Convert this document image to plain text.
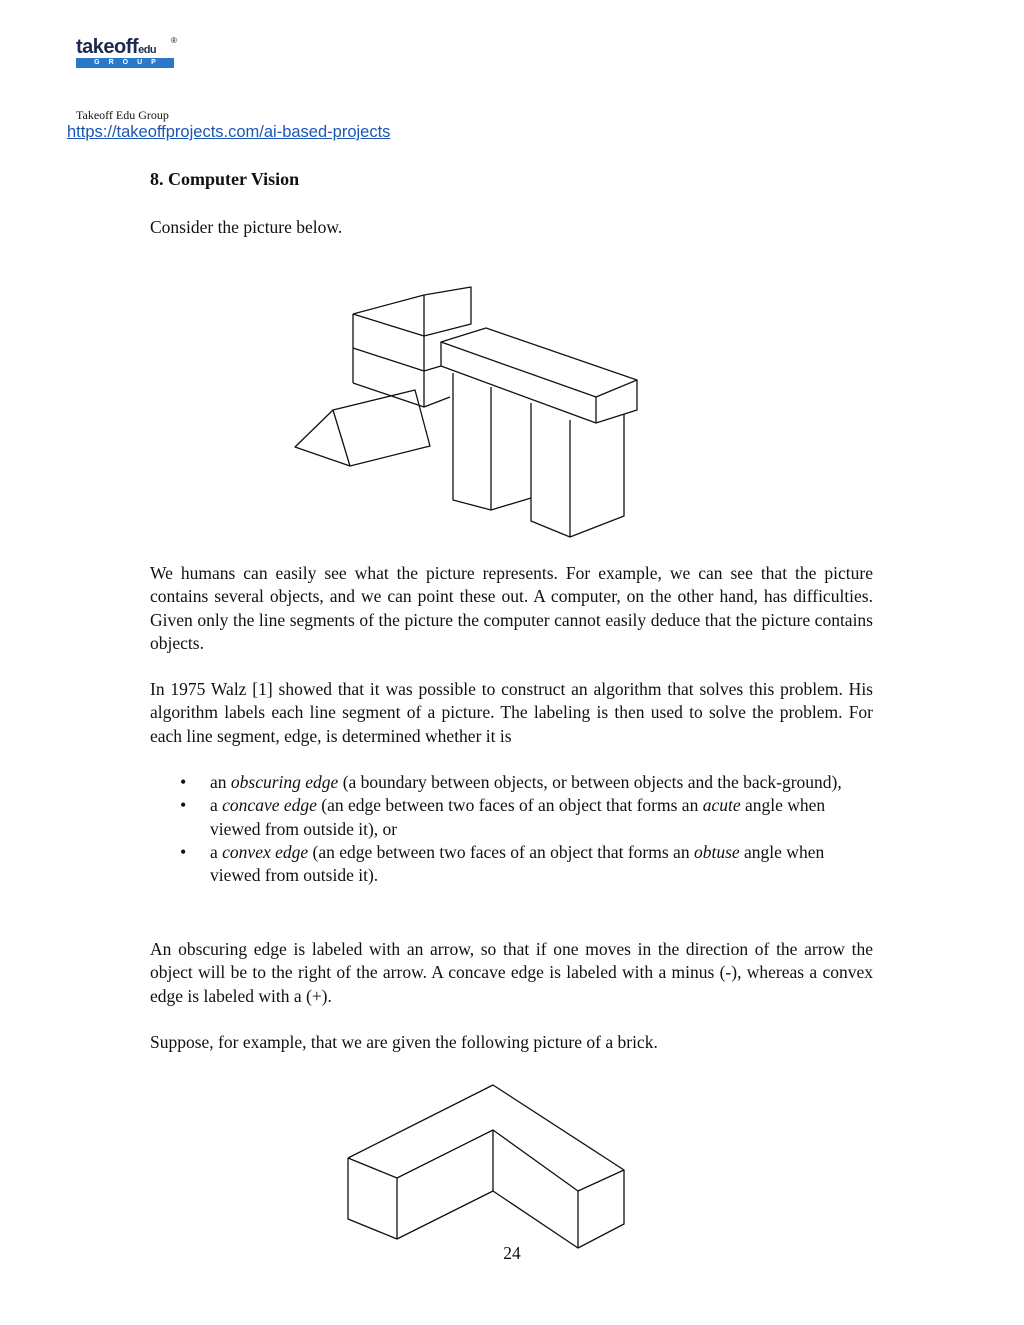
takeoffedu
®
GROUP
Takeoff Edu Group
https://takeoffprojects.com/ai-based-projects
8. Computer Vision
Consider the picture below.
We humans can easily see what the picture represents. For example, we can see that the picture contains several objects, and we can point these out. A computer, on the other hand, has difficulties. Given only the line segments of the picture the computer cannot easily deduce that the picture contains objects.
In 1975 Walz [1] showed that it was possible to construct an algorithm that solves this problem. His algorithm labels each line segment of a picture. The labeling is then used to solve the problem. For each line segment, edge, is determined whether it is
• an obscuring edge (a boundary between objects, or between objects and the back-ground),
• a concave edge (an edge between two faces of an object that forms an acute angle when viewed from outside it), or
• a convex edge (an edge between two faces of an object that forms an obtuse angle when viewed from outside it).
An obscuring edge is labeled with an arrow, so that if one moves in the direction of the arrow the object will be to the right of the arrow. A concave edge is labeled with a minus (-), whereas a convex edge is labeled with a (+).
Suppose, for example, that we are given the following picture of a brick.
24
